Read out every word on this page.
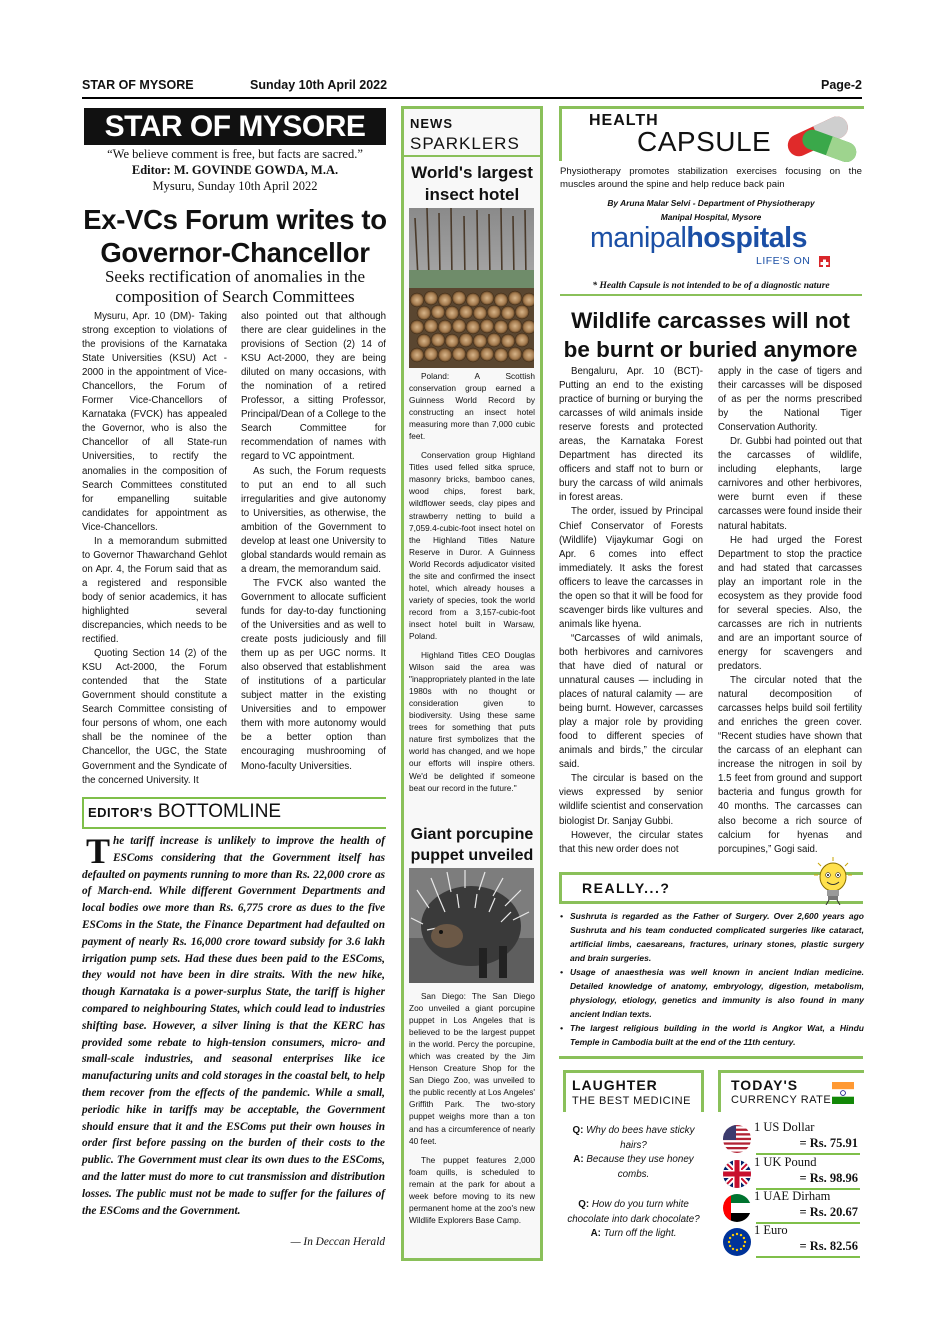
STAR OF MYSORE	Sunday 10th April 2022	Page-2
STAR OF MYSORE
“We believe comment is free, but facts are sacred.”
Editor: M. GOVINDE GOWDA, M.A.
Mysuru, Sunday 10th April 2022
Ex-VCs Forum writes to Governor-Chancellor
Seeks rectification of anomalies in the composition of Search Committees

Mysuru, Apr. 10 (DM)- Taking strong exception to violations of the provisions of the Karnataka State Universities (KSU) Act - 2000 in the appointment of Vice-Chancellors, the Forum of Former Vice-Chancellors of Karnataka (FVCK) has appealed the Governor, who is also the Chancellor of all State-run Universities, to rectify the anomalies in the composition of Search Committees constituted for empanelling suitable candidates for appointment as Vice-Chancellors.

In a memorandum submitted to Governor Thawarchand Gehlot on Apr. 4, the Forum said that as a registered and responsible body of senior academics, it has highlighted several discrepancies, which needs to be rectified.

Quoting Section 14 (2) of the KSU Act-2000, the Forum contended that the State Government should constitute a Search Committee consisting of four persons of whom, one each shall be the nominee of the Chancellor, the UGC, the State Government and the Syndicate of the concerned University. It

also pointed out that although there are clear guidelines in the provisions of Section (2) 14 of KSU Act-2000, they are being diluted on many occasions, with the nomination of a retired Professor, a sitting Professor, Principal/Dean of a College to the Search Committee for recommendation of names with regard to VC appointment.

As such, the Forum requests to put an end to all such irregularities and give autonomy to Universities, as otherwise, the ambition of the Government to develop at least one University to global standards would remain as a dream, the memorandum said.

The FVCK also wanted the Government to allocate sufficient funds for day-to-day functioning of the Universities and as well to create posts judiciously and fill them up as per UGC norms. It also observed that establishment of institutions of a particular subject matter in the existing Universities and to empower them with more autonomy would be a better option than encouraging mushrooming of Mono-faculty Universities.

EDITOR'S BOTTOMLINE
The tariff increase is unlikely to improve the health of ESComs considering that the Government itself has defaulted on payments running to more than Rs. 22,000 crore as of March-end. While different Government Departments and local bodies owe more than Rs. 6,775 crore as dues to the five ESComs in the State, the Finance Department had defaulted on payment of nearly Rs. 16,000 crore toward subsidy for 3.6 lakh irrigation pump sets. Had these dues been paid to the ESComs, they would not have been in dire straits. With the new hike, though Karnataka is a power-surplus State, the tariff is higher compared to neighbouring States, which could lead to industries shifting base. However, a silver lining is that the KERC has provided some rebate to high-tension consumers, micro- and small-scale industries, and seasonal enterprises like ice manufacturing units and cold storages in the coastal belt, to help them recover from the effects of the pandemic. While a small, periodic hike in tariffs may be acceptable, the Government should ensure that it and the ESComs put their own houses in order first before passing on the burden of their costs to the public. The Government must clear its own dues to the ESComs, and the latter must do more to cut transmission and distribution losses. The public must not be made to suffer for the failures of the ESComs and the Government.
— In Deccan Herald
NEWS
SPARKLERS
World's largest insect hotel

Poland: A Scottish conservation group earned a Guinness World Record by constructing an insect hotel measuring more than 7,000 cubic feet.

Conservation group Highland Titles used felled sitka spruce, masonry bricks, bamboo canes, wood chips, forest bark, wildflower seeds, clay pipes and strawberry netting to build a 7,059.4-cubic-foot insect hotel on the Highland Titles Nature Reserve in Duror. A Guinness World Records adjudicator visited the site and confirmed the insect hotel, which already houses a variety of species, took the world record from a 3,157-cubic-foot insect hotel built in Warsaw, Poland.

Highland Titles CEO Douglas Wilson said the area was "inappropriately planted in the late 1980s with no thought or consideration given to biodiversity. Using these same trees for something that puts nature first symbolizes that the world has changed, and we hope our efforts will inspire others. We'd be delighted if someone beat our record in the future."

Giant porcupine puppet unveiled

San Diego: The San Diego Zoo unveiled a giant porcupine puppet in Los Angeles that is believed to be the largest puppet in the world. Percy the porcupine, which was created by the Jim Henson Creature Shop for the San Diego Zoo, was unveiled to the public recently at Los Angeles' Griffith Park. The two-story puppet weighs more than a ton and has a circumference of nearly 40 feet.

The puppet features 2,000 foam quills, is scheduled to remain at the park for about a week before moving to its new permanent home at the zoo's new Wildlife Explorers Base Camp.

HEALTH
CAPSULE
Physiotherapy promotes stabilization exercises focusing on the muscles around the spine and help reduce back pain
By Aruna Malar Selvi - Department of Physiotherapy
Manipal Hospital, Mysore
manipalhospitals
LIFE'S ON
* Health Capsule is not intended to be of a diagnostic nature
Wildlife carcasses will not be burnt or buried anymore

Bengaluru, Apr. 10 (BCT)- Putting an end to the existing practice of burning or burying the carcasses of wild animals inside reserve forests and protected areas, the Karnataka Forest Department has directed its officers and staff not to burn or bury the carcass of wild animals in forest areas.

The order, issued by Principal Chief Conservator of Forests (Wildlife) Vijaykumar Gogi on Apr. 6 comes into effect immediately. It asks the forest officers to leave the carcasses in the open so that it will be food for scavenger birds like vultures and animals like hyena.

“Carcasses of wild animals, both herbivores and carnivores that have died of natural or unnatural causes — including in places of natural calamity — are being burnt. However, carcasses play a major role by providing food to different species of animals and birds,” the circular said.

The circular is based on the views expressed by senior wildlife scientist and conservation biologist Dr. Sanjay Gubbi.

However, the circular states that this new order does not

apply in the case of tigers and their carcasses will be disposed of as per the norms prescribed by the National Tiger Conservation Authority.

Dr. Gubbi had pointed out that the carcasses of wildlife, including elephants, large carnivores and other herbivores, were burnt even if these carcasses were found inside their natural habitats.

He had urged the Forest Department to stop the practice and had stated that carcasses play an important role in the ecosystem as they provide food for several species. Also, the carcasses are rich in nutrients and are an important source of energy for scavengers and predators.

The circular noted that the natural decomposition of carcasses helps build soil fertility and enriches the green cover. “Recent studies have shown that the carcass of an elephant can increase the nitrogen in soil by 1.5 feet from ground and support bacteria and fungus growth for 40 months. The carcasses can also become a rich source of calcium for hyenas and porcupines,” Gogi said.

REALLY...?
• Sushruta is regarded as the Father of Surgery. Over 2,600 years ago Sushruta and his team conducted complicated surgeries like cataract, artificial limbs, caesareans, fractures, urinary stones, plastic surgery and brain surgeries.
• Usage of anaesthesia was well known in ancient Indian medicine. Detailed knowledge of anatomy, embryology, digestion, metabolism, physiology, etiology, genetics and immunity is also found in many ancient Indian texts.
• The largest religious building in the world is Angkor Wat, a Hindu Temple in Cambodia built at the end of the 11th century.
LAUGHTER
THE BEST MEDICINE
Q: Why do bees have sticky hairs?
A: Because they use honey combs.
Q: How do you turn white chocolate into dark chocolate?
A: Turn off the light.
TODAY'S
CURRENCY RATE
1 US Dollar
= Rs. 75.91
1 UK Pound
= Rs. 98.96
1 UAE Dirham
= Rs. 20.67
1 Euro
= Rs. 82.56
